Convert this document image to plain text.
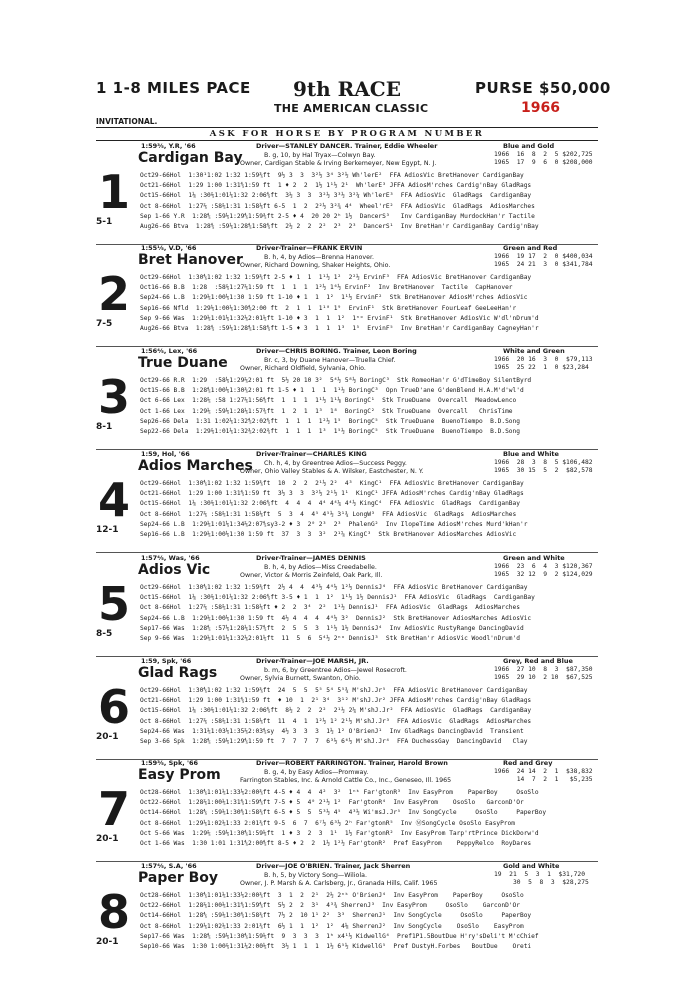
1 1-8 MILES PACE 9th RACE
THE AMERICAN CLASSIC
PURSE $50,000
1966
INVITATIONAL.
ASK FOR HORSE BY PROGRAM NUMBER
1
5-1
1:59⅗, Y.R, '66	Driver—STANLEY DANCER. Trainer, Eddie Wheeler	Blue and Gold
Cardigan Bay	B. g, 10, by Hal Tryax—Colwyn Bay.
Owner, Cardigan Stable & Irving Berkemeyer, New Egypt, N. J.
1966  16  8  2  5 $202,725
1965  17  9  6  0 $208,000
Oct29-66Hol  1:30¹1:02 1:32 1:59⅗ft  9½ 3  3  3²½ 3⁴ 3²½ Wh'lerE²  FFA AdiosVic BretHanover CardiganBay
Oct21-66Hol  1:29 1:00 1:31⅘1:59 ft  1 ♦ 2  2  1½ 1¹½ 2¹  Wh'lerE³ JFFA AdiosM'rches Cardig'nBay GladRags
Oct15-66Hol  1⅛ :30⅖1:01⅕1:32 2:06⅘ft  3½ 3  3  3²½ 3³½ 3²¼ Wh'lerE³  FFA AdiosVic  GladRags  CardiganBay
Oct 8-66Hol  1:27⅖ :58⅖1:31 1:58⅕ft 6-5  1  2  2²½ 3²¾ 4⁴  Wheel'rE²  FFA AdiosVic  GladRags  AdiosMarches
Sep 1-66 Y.R  1:28⅘ :59⅕1:29⅘1:59⅗ft 2-5 ♦ 4  20 20 2ʰ 1½  DancerS³   Inv CardiganBay MurdockHan'r Tactile
Aug26-66 Btva  1:28⅘ :59⅕1:28⅘1:58⅘ft  2½ 2  2  2²  2³  2³  DancerS¹  Inv BretHan'r CardiganBay Cardig'nBay
2
7-5
1:55⅕, V.D, '66	Driver-Trainer—FRANK ERVIN	Green and Red
Bret Hanover	B. h, 4, by Adios—Brenna Hanover.
Owner, Richard Downing, Shaker Heights, Ohio.
1966  19 17  2  0 $400,034
1965  24 21  3  0 $341,784
Oct29-66Hol  1:30⅘1:02 1:32 1:59⅗ft 2-5 ♦ 1  1  1¹½ 1²  2²½ ErvinF³  FFA AdiosVic BretHanover CardiganBay
Oct16-66 B.B  1:28  :58⅖1:27⅖1:59 ft  1  1  1  1²½ 1⁶½ ErvinF²  Inv BretHanover  Tactile  CapHanover
Sep24-66 L.B  1:29⅕1:00⅕1:30 1:59 ft 1-10 ♦ 1  1  1²  1¹½ ErvinF²  Stk BretHanover AdiosM'rches AdiosVic
Sep16-66 Nfld  1:29⅕1:00⅕1:30⅘2:00 ft  2  1  1  1¹⁰ 1⁹  ErvinF¹  Stk BretHanover FourLeaf GeeLeeHan'r
Sep 9-66 Was  1:29⅕1:01⅕1:32⅕2:01⅕ft 1-10 ♦ 3  1  1  1²  1ⁿᵒ ErvinF¹  Stk BretHanover AdiosVic W'dl'nDrum'd
Aug26-66 Btva  1:28⅘ :59⅕1:28⅘1:58⅘ft 1-5 ♦ 3  1  1  1³  1⁵  ErvinF⁵  Inv BretHan'r CardiganBay CagneyHan'r
3
8-1
1:56⅘, Lex, '66	Driver—CHRIS BORING. Trainer, Leon Boring	White and Green
True Duane	Br. c, 3, by Duane Hanover—Truella Chief.
Owner, Richard Oldfield, Sylvania, Ohio.
1966  20 16  3  0  $79,113
1965  25 22  1  0 $23,284
Oct29-66 R.R  1:29  :58⅕1:29⅖2:01 ft  5½ 20 10 3²  5⁴½ 5⁸½ BoringC³  Stk RomeoHan'r G'dTimeBoy SilentByrd
Oct15-66 B.B  1:28⅘1:00⅕1:30⅗2:01 ft 1-5 ♦ 1  1  1  1¹½ BoringC³  Opn TrueD'ane G'denBlend H.A.M'd'wl'd
Oct 6-66 Lex  1:28⅖ :58 1:27⅖1:56⅘ft  1  1  1  1¹½ 1¹⅛ BoringC¹  Stk TrueDuane  Overcall  MeadowLenco
Oct 1-66 Lex  1:29⅕ :59⅕1:28⅕1:57⅗ft  1  2  1  1³  1⁸  BoringC²  Stk TrueDuane  Overcall   ChrisTime
Sep26-66 Dela  1:31 1:02⅕1:32⅘2:02⅘ft  1  1  1  1²½ 1⁵  BoringC⁵  Stk TrueDuane  BuenoTiempo  B.D.Song
Sep22-66 Dela  1:29⅖1:01⅕1:32⅗2:02⅗ft  1  1  1  1³  1⁵½ BoringC⁵  Stk TrueDuane  BuenoTiempo  B.D.Song
4
12-1
1:59, Hol, '66	Driver-Trainer—CHARLES KING	Blue and White
Adios Marches Ch. h, 4, by Greentree Adios—Success Peggy.
Owner, Ohio Valley Stables & A. Wilsker, Eastchester, N. Y.
1966  28  3  8  5 $106,482
1965  30 15  5  2  $82,578
Oct29-66Hol  1:30⅘1:02 1:32 1:59⅗ft  10  2  2  2¹½ 2²  4³  KingC¹  FFA AdiosVic BretHanover CardiganBay
Oct21-66Hol  1:29 1:00 1:31⅘1:59 ft  3½ 3  3  3²½ 2¹½ 1¹  KingC¹ JFFA AdiosM'rches Cardig'nBay GladRags
Oct15-66Hol  1⅛ :30⅖1:01⅕1:32 2:06⅘ft  4  4  4  4⁴ 4⁴¼ 4⁴½ KingC⁴  FFA AdiosVic  GladRags  CardiganBay
Oct 8-66Hol  1:27⅖ :58⅖1:31 1:58⅕ft  5  3  4  4⁵ 4⁵½ 3¹¾ LongW³  FFA AdiosVic  GladRags  AdiosMarches
Sep24-66 L.B  1:29⅕1:01⅕1:34⅖2:07⅘sy3-2 ♦ 3  2⁰ 2³  2³  PhalenG²  Inv IlopeTime AdiosM'rches Murd'kHan'r
Sep16-66 L.B  1:29⅕1:00⅕1:30 1:59 ft  37  3  3  3²  2¹⅝ KingC³  Stk BretHanover AdiosMarches AdiosVic
5
8-5
1:57⅘, Was, '66	Driver-Trainer—JAMES DENNIS	Green and White
Adios Vic	B. h, 4, by Adios—Miss Creedabelle.
Owner, Victor & Morris Zeinfeld, Oak Park, Ill.
1966  23  6  4  3 $120,367
1965  32 12  9  2 $124,029
Oct29-66Hol  1:30⅘1:02 1:32 1:59⅗ft  2½ 4  4  4³½ 4⁴½ 1²½ DennisJ⁴  FFA AdiosVic BretHanover CardiganBay
Oct15-66Hol  1⅛ :30⅖1:01⅕1:32 2:06⅘ft 3-5 ♦ 1  1  1²  1¹½ 1½ DennisJ¹  FFA AdiosVic  GladRags  CardiganBay
Oct 8-66Hol  1:27⅖ :58⅖1:31 1:58⅕ft ♦ 2  2  3⁴  2²  1¹½ DennisJ¹  FFA AdiosVic  GladRags  AdiosMarches
Sep24-66 L.B  1:29⅕1:00⅕1:30 1:59 ft  4½ 4  4  4  4⁴½ 3²  DennisJ²  Stk BretHanover AdiosMarches AdiosVic
Sep17-66 Was  1:28⅘ :57⅕1:28⅕1:57⅘ft  2  5  5  3  1¹½ 1½ DennisJ⁴  Inv AdiosVic RustyRange DancingDavid
Sep 9-66 Was  1:29⅕1:01⅕1:32⅕2:01⅕ft  11  5  6  5⁴½ 2ⁿᵒ DennisJ³  Stk BretHan'r AdiosVic Woodl'nDrum'd
6
20-1
1:59, Spk, '66	Driver-Trainer—JOE MARSH, JR.	Grey, Red and Blue
Glad Rags	b. m, 6, by Greentree Adios—Jewel Rosecroft.
Owner, Sylvia Burnett, Swanton, Ohio.
1966  27 10  8  3  $87,350
1965  29 10  2 10  $67,525
Oct29-66Hol  1:30⅘1:02 1:32 1:59⅗ft  24  5  5  5⁵ 5⁴ 5⁵¾ M'shJ.Jr⁵  FFA AdiosVic BretHanover CardiganBay
Oct21-66Hol  1:29 1:00 1:31⅘1:59 ft  ♦ 10  1  2¹ 3⁴  3¹² M'shJ.Jr² JFFA AdiosM'rches Cardig'nBay GladRags
Oct15-66Hol  1⅛ :30⅖1:01⅕1:32 2:06⅘ft  8½ 2  2  2²  2¹½ 2¼ M'shJ.Jr²  FFA AdiosVic  GladRags  CardiganBay
Oct 8-66Hol  1:27⅖ :58⅖1:31 1:58⅕ft  11  4  1  1²½ 1² 2¹½ M'shJ.Jr³  FFA AdiosVic  GladRags  AdiosMarches
Sep24-66 Was  1:31⅕1:03⅕1:35⅖2:03⅘sy  4½ 3  3  3  1½ 1² O'BrienJ¹  Inv GladRags DancingDavid  Transient
Sep 3-66 Spk  1:28⅘ :59⅕1:29⅘1:59 ft  7  7  7  7  6³½ 6⁶½ M'shJ.Jr⁴  FFA DuchessGay  DancingDavid   Clay
7
20-1
1:59⅗, Spk, '66	Driver—ROBERT FARRINGTON. Trainer, Harold Brown	Red and Grey
Easy Prom	B. g, 4, by Easy Adios—Promway.
Farrington Stables, Inc. & Arnold Cattle Co., Inc., Geneseo, Ill. 1965
1966  24 14  2  1  $38,832
14  7  2  1   $5,235
Oct28-66Hol  1:30⅘1:01⅕1:33⅕2:00⅗ft 4-5 ♦ 4  4  4²  3²  1ⁿᵏ Far'gtonR³  Inv EasyProm    PaperBoy     OsoSlo
Oct22-66Hol  1:28⅖1:00⅕1:31⅘1:59⅘ft 7-5 ♦ 5  4⁰ 2¹½ 1²  Far'gtonR⁴  Inv EasyProm    OsoSlo   GarconD'Or
Oct14-66Hol  1:28⅘ :59⅕1:30⅘1:58⅗ft 6-5 ♦ 5  5  5³½ 4⁵  4³½ Wi'msJ.Jr⁵  Inv SongCycle     OsoSlo     PaperBoy
Oct 8-66Hol  1:29⅕1:02⅕1:33 2:01⅗ft 9-5  6  7  6⁷½ 6³½ 2ʰ Far'gtonR⁵  Inv ⓂSongCycle OsoSlo EasyProm
Oct 5-66 Was  1:29⅖ :59⅕1:30⅘1:59⅕ft  1 ♦ 3  2  3  1¹  1½ Far'gtonR²  Inv EasyProm Tarp'rtPrince DickDorw'd
Oct 1-66 Was  1:30 1:01 1:31⅘2:00⅘ft 8-5 ♦ 2  2  1½ 1²½ Far'gtonR²  Pref EasyProm    PeppyRelco  RoyDares
8
20-1
1:57⅘, S.A, '66	Driver—JOE O'BRIEN. Trainer, Jack Sherren	Gold and White
Paper Boy	B. h, 5, by Victory Song—Wiliola.
Owner, J. P. Marsh & A. Carlsberg, Jr., Granada Hills, Calif. 1965
19  21  5  3  1  $31,720
30  5  8  3  $28,275
Oct28-66Hol  1:30⅘1:01⅕1:33⅕2:00⅗ft  3  1  2  2¹  2½ 2ⁿᵏ O'BrienJ⁴  Inv EasyProm    PaperBoy     OsoSlo
Oct22-66Hol  1:28⅖1:00⅕1:31⅘1:59⅘ft  5½ 2  2  3¹  4³¾ SherrenJ³  Inv EasyProm     OsoSlo    GarconD'Or
Oct14-66Hol  1:28⅘ :59⅕1:30⅘1:58⅗ft  7½ 2  10 1¹ 2²  3³  SherrenJ¹  Inv SongCycle     OsoSlo     PaperBoy
Oct 8-66Hol  1:29⅕1:02⅕1:33 2:01⅗ft  6½ 1  1  1²  1²  4⅛ SherrenJ²  Inv SongCycle    OsoSlo    EasyProm
Sep17-66 Was  1:28⅘ :59⅕1:30⅘1:59⅕ft  9  3  3  3  1ʰ x4¹½ KidwellG⁴  Pref1P1.5BoutDue H'ry'sDeli't M'cChief
Sep10-66 Was  1:30 1:00⅖1:31⅕2:00⅕ft  3½ 1  1  1  1½ 6⁵½ KidwellG⁵  Pref DustyH.Forbes   BoutDue    Oreti
